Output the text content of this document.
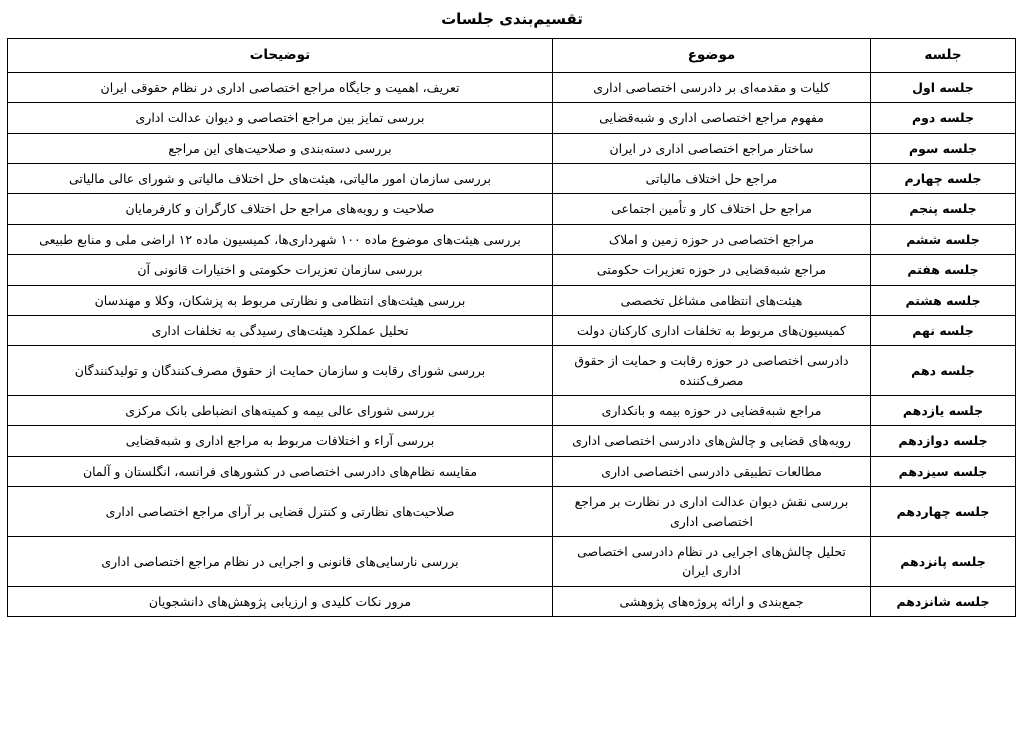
تقسیم‌بندی جلسات
جلسه	موضوع	توضیحات
جلسه اول	کلیات و مقدمه‌ای بر دادرسی اختصاصی اداری	تعریف، اهمیت و جایگاه مراجع اختصاصی اداری در نظام حقوقی ایران
جلسه دوم	مفهوم مراجع اختصاصی اداری و شبه‌قضایی	بررسی تمایز بین مراجع اختصاصی و دیوان عدالت اداری
جلسه سوم	ساختار مراجع اختصاصی اداری در ایران	بررسی دسته‌بندی و صلاحیت‌های این مراجع
جلسه چهارم	مراجع حل اختلاف مالیاتی	بررسی سازمان امور مالیاتی، هیئت‌های حل اختلاف مالیاتی و شورای عالی مالیاتی
جلسه پنجم	مراجع حل اختلاف کار و تأمین اجتماعی	صلاحیت و رویه‌های مراجع حل اختلاف کارگران و کارفرمایان
جلسه ششم	مراجع اختصاصی در حوزه زمین و املاک	بررسی هیئت‌های موضوع ماده ۱۰۰ شهرداری‌ها، کمیسیون ماده ۱۲ اراضی ملی و منابع طبیعی
جلسه هفتم	مراجع شبه‌قضایی در حوزه تعزیرات حکومتی	بررسی سازمان تعزیرات حکومتی و اختیارات قانونی آن
جلسه هشتم	هیئت‌های انتظامی مشاغل تخصصی	بررسی هیئت‌های انتظامی و نظارتی مربوط به پزشکان، وکلا و مهندسان
جلسه نهم	کمیسیون‌های مربوط به تخلفات اداری کارکنان دولت	تحلیل عملکرد هیئت‌های رسیدگی به تخلفات اداری
جلسه دهم	دادرسی اختصاصی در حوزه رقابت و حمایت از حقوق مصرف‌کننده	بررسی شورای رقابت و سازمان حمایت از حقوق مصرف‌کنندگان و تولیدکنندگان
جلسه یازدهم	مراجع شبه‌قضایی در حوزه بیمه و بانکداری	بررسی شورای عالی بیمه و کمیته‌های انضباطی بانک مرکزی
جلسه دوازدهم	رویه‌های قضایی و چالش‌های دادرسی اختصاصی اداری	بررسی آراء و اختلافات مربوط به مراجع اداری و شبه‌قضایی
جلسه سیزدهم	مطالعات تطبیقی دادرسی اختصاصی اداری	مقایسه نظام‌های دادرسی اختصاصی در کشورهای فرانسه، انگلستان و آلمان
جلسه چهاردهم	بررسی نقش دیوان عدالت اداری در نظارت بر مراجع اختصاصی اداری	صلاحیت‌های نظارتی و کنترل قضایی بر آرای مراجع اختصاصی اداری
جلسه پانزدهم	تحلیل چالش‌های اجرایی در نظام دادرسی اختصاصی اداری ایران	بررسی نارسایی‌های قانونی و اجرایی در نظام مراجع اختصاصی اداری
جلسه شانزدهم	جمع‌بندی و ارائه پروژه‌های پژوهشی	مرور نکات کلیدی و ارزیابی پژوهش‌های دانشجویان
